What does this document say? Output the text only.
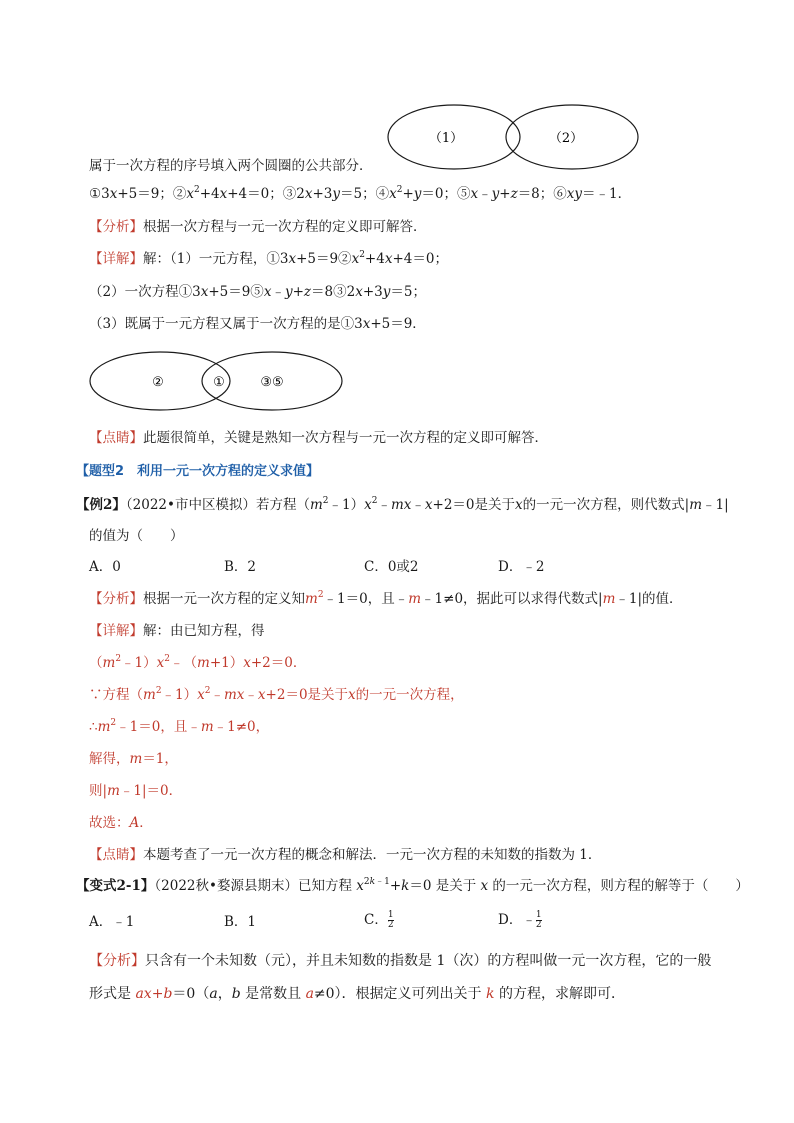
（1）	（2）
属于一次方程的序号填入两个圆圈的公共部分．
①3x+5＝9；$②x^2+4x+4=0$；③2x+3y＝5；$④x^2+y=0$；⑤x﹣y+z＝8；⑥xy＝﹣1．
【分析】根据一次方程与一元一次方程的定义即可解答．
【详解】解：（1）一元方程，$①3x+5=9②x^2+4x+4=0$；
（2）一次方程①3x+5＝9⑤x﹣y+z＝8③2x+3y＝5；
（3）既属于一元方程又属于一次方程的是①3x+5＝9．
②	①	③⑤
【点睛】此题很简单，关键是熟知一次方程与一元一次方程的定义即可解答．
【题型2　利用一元一次方程的定义求值】
【例2】（2022•市中区模拟）若方程$(m^2﹣1)x^2﹣mx﹣x+2=0$是关于x的一元一次方程，则代数式|m﹣1|
的值为（　　）
A．0	B．2	C．0或2	D．﹣2
【分析】根据一元一次方程的定义知$m^2﹣1=0$，且﹣m﹣1≠0，据此可以求得代数式|m﹣1|的值．
【详解】解：由已知方程，得
$(m^2﹣1)x^2﹣(m+1)x+2=0$．
∵方程$(m^2﹣1)x^2﹣mx﹣x+2=0$是关于x的一元一次方程，
$\therefore m^2﹣1=0$，且﹣m﹣1≠0，
解得，m＝1，
则|m﹣1|＝0．
故选：A．
【点睛】本题考查了一元一次方程的概念和解法．一元一次方程的未知数的指数为 1．
【变式2-1】（2022秋•婺源县期末）已知方程 $x^{2k﹣1}+k=0$ 是关于 x 的一元一次方程，则方程的解等于（　　）
A．﹣1	B．1	C． $\frac{1}{2}$	D．﹣ $\frac{1}{2}$
【分析】只含有一个未知数（元），并且未知数的指数是 1（次）的方程叫做一元一次方程，它的一般
形式是 ax+b＝0（a，b 是常数且 a≠0）．根据定义可列出关于 k 的方程，求解即可．
